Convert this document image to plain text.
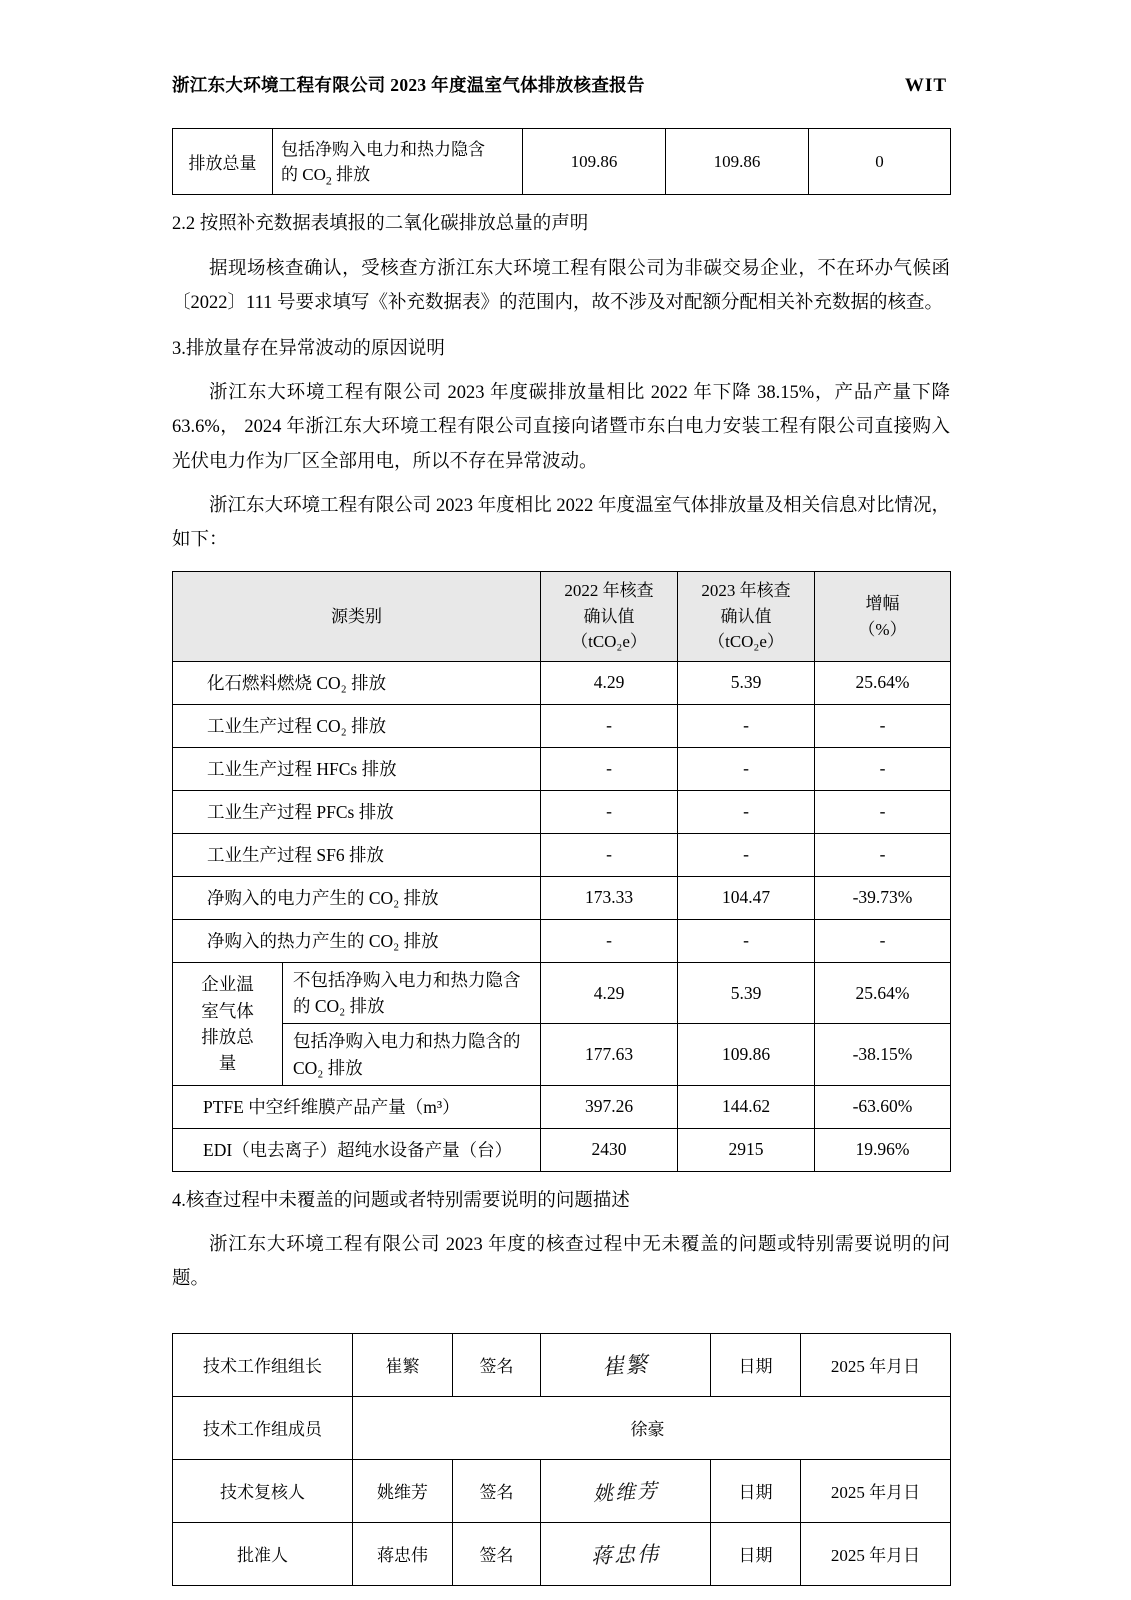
浙江东大环境工程有限公司 2023 年度温室气体排放核查报告	WIT
排放总量	包括净购入电力和热力隐含
的 $CO_2$ 排放	109.86	109.86	0
2.2 按照补充数据表填报的二氧化碳排放总量的声明
据现场核查确认，受核查方浙江东大环境工程有限公司为非碳交易企业，不在环办气候函〔2022〕111 号要求填写《补充数据表》的范围内，故不涉及对配额分配相关补充数据的核查。
3.排放量存在异常波动的原因说明
浙江东大环境工程有限公司 2023 年度碳排放量相比 2022 年下降 38.15%，产品产量下降 63.6%， 2024 年浙江东大环境工程有限公司直接向诸暨市东白电力安装工程有限公司直接购入光伏电力作为厂区全部用电，所以不存在异常波动。
浙江东大环境工程有限公司 2023 年度相比 2022 年度温室气体排放量及相关信息对比情况，如下：
源类别		2022 年核查
确认值
（tCO₂e）	2023 年核查
确认值
（tCO₂e）	增幅
（%）
化石燃料燃烧 CO₂ 排放		4.29	5.39	25.64%
工业生产过程 CO₂ 排放		-	-	-
工业生产过程 HFCs 排放		-	-	-
工业生产过程 PFCs 排放		-	-	-
工业生产过程 SF6 排放		-	-	-
净购入的电力产生的 CO₂ 排放		173.33	104.47	-39.73%
净购入的热力产生的 CO₂ 排放		-	-	-
企业温
室气体
排放总
量	不包括净购入电力和热力隐含
的 CO₂ 排放	4.29	5.39	25.64%
	包括净购入电力和热力隐含的
CO₂ 排放	177.63	109.86	-38.15%
PTFE 中空纤维膜产品产量（m³）		397.26	144.62	-63.60%
EDI（电去离子）超纯水设备产量（台）		2430	2915	19.96%
4.核查过程中未覆盖的问题或者特别需要说明的问题描述
浙江东大环境工程有限公司 2023 年度的核查过程中无未覆盖的问题或特别需要说明的问题。
技术工作组组长	崔繁	签名	崔繁	日期	2025 年月日
技术工作组成员	徐豪				
技术复核人	姚维芳	签名	姚维芳	日期	2025 年月日
批准人	蒋忠伟	签名	蒋忠伟	日期	2025 年月日
